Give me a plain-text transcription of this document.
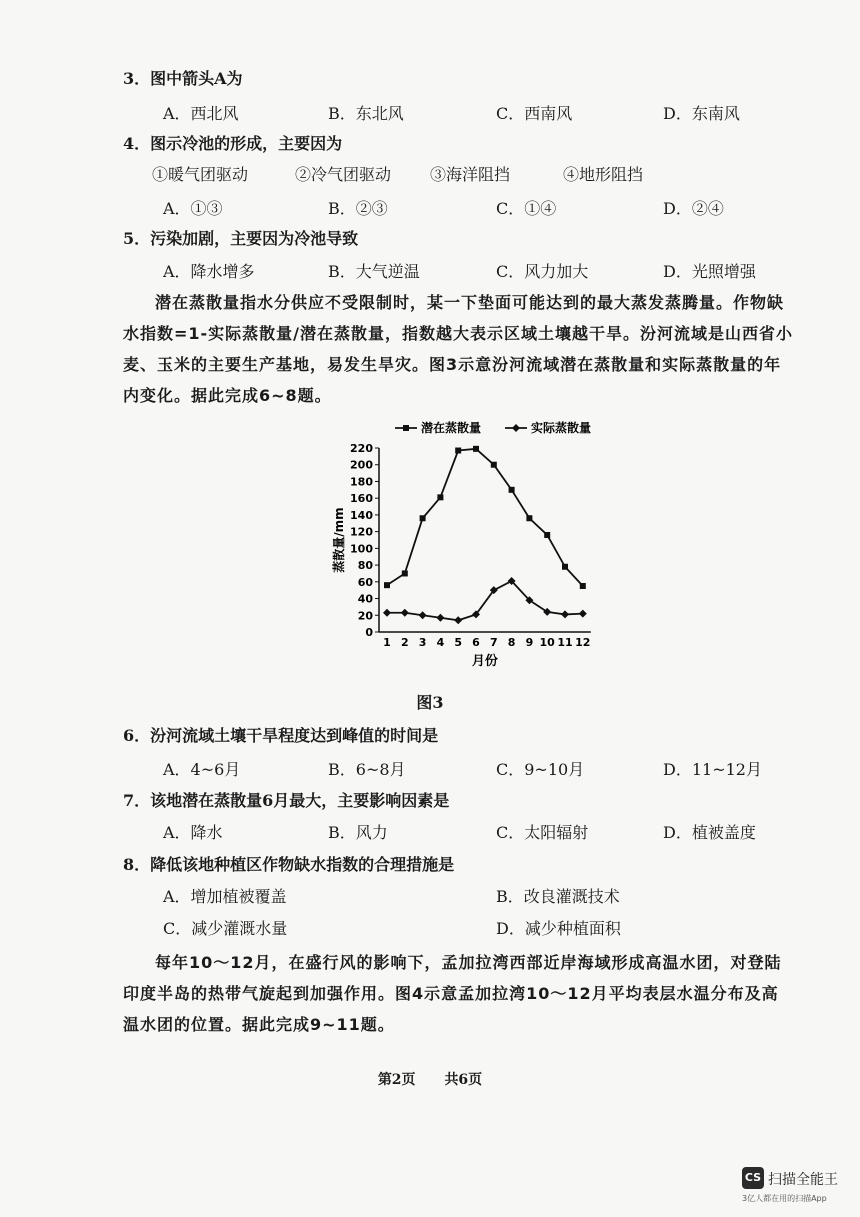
3．图中箭头A为
A．西北风	B．东北风	C．西南风	D．东南风
4．图示冷池的形成，主要因为
①暖气团驱动	②冷气团驱动 ③海洋阻挡	④地形阻挡
A．①③	B．②③	C．①④	D．②④
5．污染加剧，主要因为冷池导致
A．降水增多	B．大气逆温	C．风力加大	D．光照增强
潜在蒸散量指水分供应不受限制时，某一下垫面可能达到的最大蒸发蒸腾量。作物缺
水指数=1-实际蒸散量/潜在蒸散量，指数越大表示区域土壤越干旱。汾河流域是山西省小
麦、玉米的主要生产基地，易发生旱灾。图3示意汾河流域潜在蒸散量和实际蒸散量的年
内变化。据此完成6~8题。
0
20
40
60
80
100
120
140
160
180
200
220
1 2 3 4 5 6 7 8 9 10 11 12
月份
蒸散量/mm
潜在蒸散量	实际蒸散量
图3
6．汾河流域土壤干旱程度达到峰值的时间是
A．4~6月	B．6~8月	C．9~10月	D．11~12月
7．该地潜在蒸散量6月最大，主要影响因素是
A．降水	B．风力	C．太阳辐射	D．植被盖度
8．降低该地种植区作物缺水指数的合理措施是
A．增加植被覆盖	B．改良灌溉技术
C．减少灌溉水量	D．减少种植面积
每年10～12月，在盛行风的影响下，孟加拉湾西部近岸海域形成高温水团，对登陆
印度半岛的热带气旋起到加强作用。图4示意孟加拉湾10～12月平均表层水温分布及高
温水团的位置。据此完成9~11题。
第2页 共6页
CS 扫描全能王
3亿人都在用的扫描App
